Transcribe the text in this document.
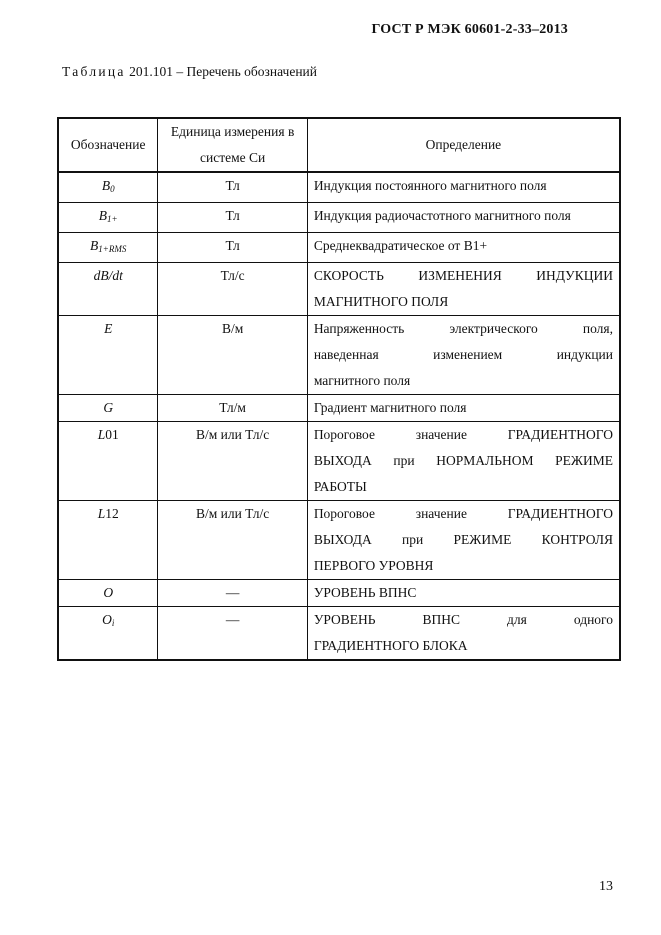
ГОСТ Р МЭК 60601-2-33–2013
Таблица 201.101 – Перечень обозначений
Обозначение	Единица измерения в системе Си	Определение
$B_0$	Тл	Индукция постоянного магнитного поля

$B_{1+}$	Тл	Индукция радиочастотного магнитного поля

$B_{1+RMS}$	Тл	Среднеквадратическое от B1+

dB/dt	Тл/с	СКОРОСТЬ ИЗМЕНЕНИЯ ИНДУКЦИИ
МАГНИТНОГО ПОЛЯ

E	В/м	Напряженность электрического поля,
наведенная изменением индукции
магнитного поля

G	Тл/м	Градиент магнитного поля

L01	В/м или Тл/с	Пороговое значение ГРАДИЕНТНОГО
ВЫХОДА при НОРМАЛЬНОМ РЕЖИМЕ
РАБОТЫ

L12	В/м или Тл/с	Пороговое значение ГРАДИЕНТНОГО
ВЫХОДА при РЕЖИМЕ КОНТРОЛЯ
ПЕРВОГО УРОВНЯ

O	—	УРОВЕНЬ ВПНС

$O_i$	—	УРОВЕНЬ ВПНС для одного
ГРАДИЕНТНОГО БЛОКА
13
